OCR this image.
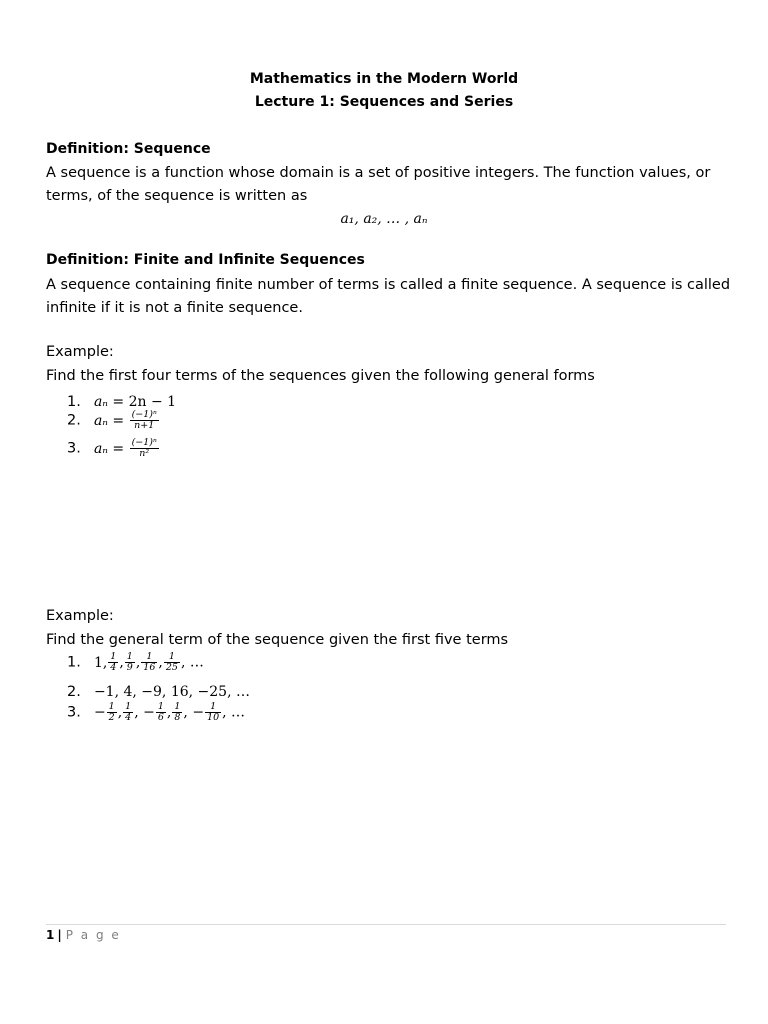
Mathematics in the Modern World
Lecture 1: Sequences and Series
Definition: Sequence
A sequence is a function whose domain is a set of positive integers. The function values, or terms, of the sequence is written as
a₁, a₂, … , aₙ
Definition: Finite and Infinite Sequences
A sequence containing finite number of terms is called a finite sequence. A sequence is called infinite if it is not a finite sequence.
Example:
Find the first four terms of the sequences given the following general forms
1. aₙ = 2n − 1
2. $a_n = \frac{\text{(−1)ⁿ}}{n+1}$
3. $a_n = \frac{\text{(−1)ⁿ}}{\text{n²}}$
Example:
Find the general term of the sequence given the first five terms
1. 1, $\frac{1}{4}$ , $\frac{1}{9}$ , $\frac{1}{16}$ , $\frac{1}{25}$ , …
2. −1, 4, −9, 16, −25, …
3. − $\frac{1}{2}$ , $\frac{1}{4}$ , − $\frac{1}{6}$ , $\frac{1}{8}$ , − $\frac{1}{10}$ , …
1 | P a g e
